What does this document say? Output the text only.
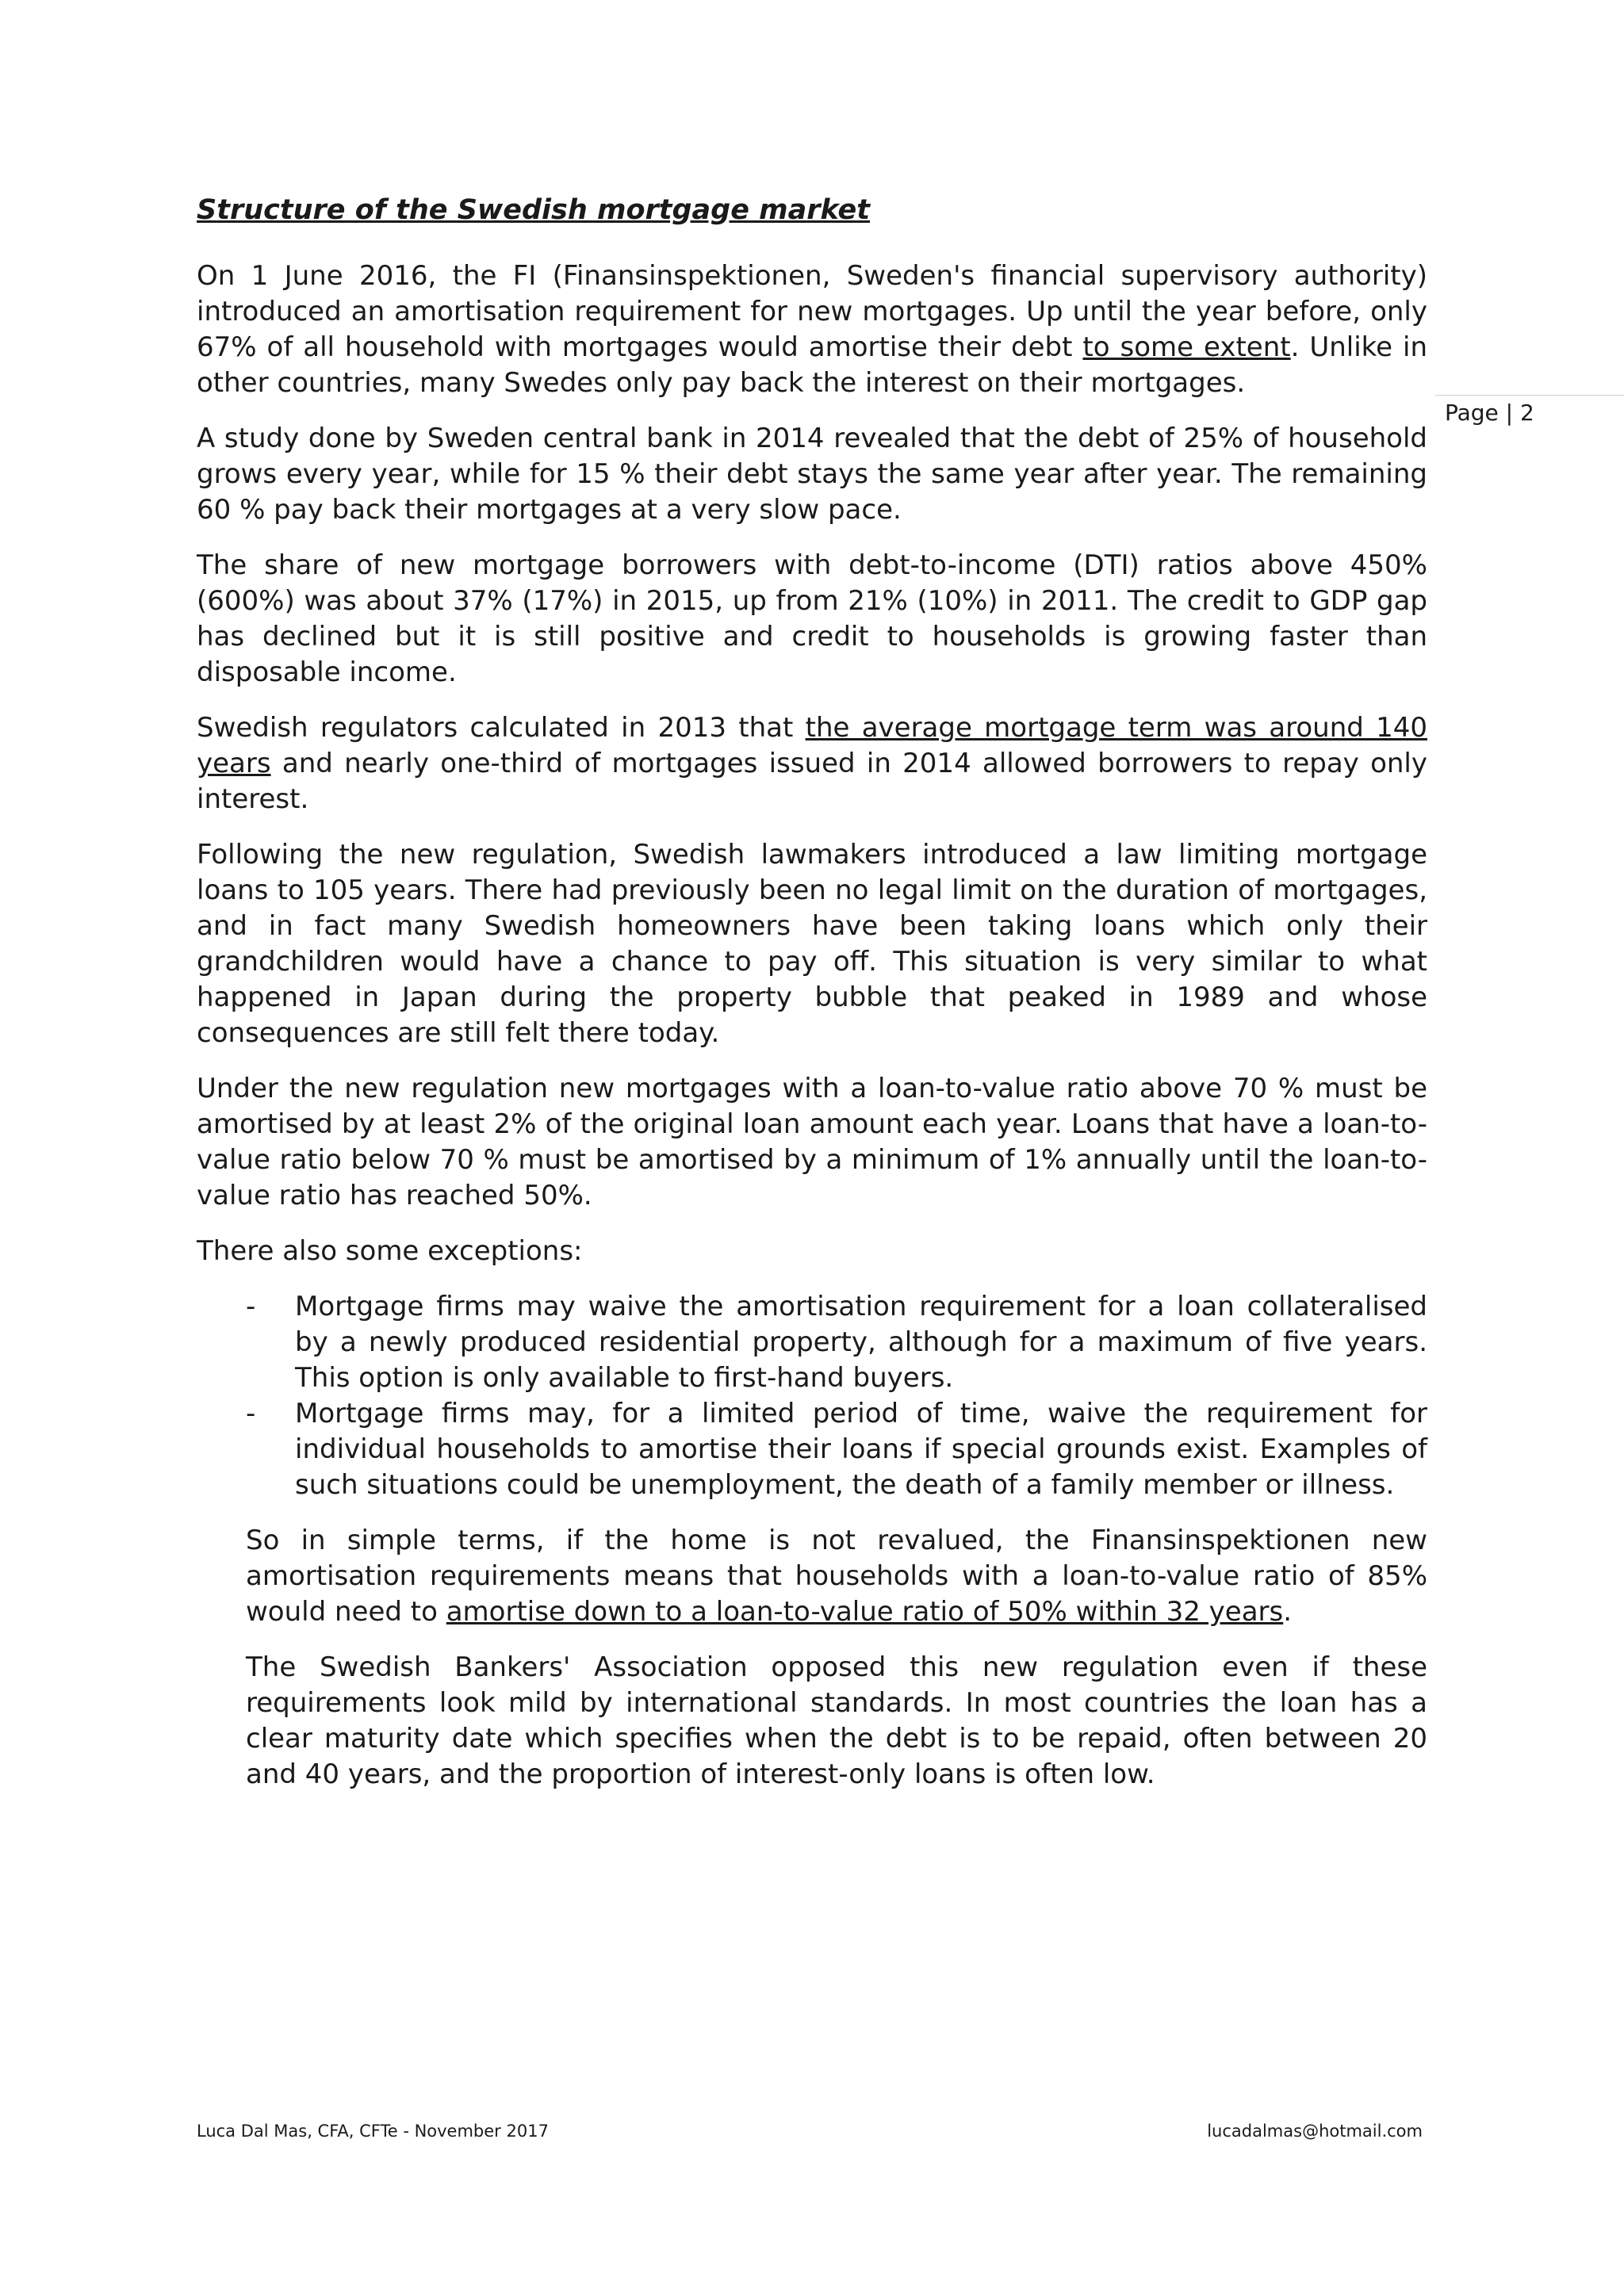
Page | 2
Structure of the Swedish mortgage market

On 1 June 2016, the FI (Finansinspektionen, Sweden's financial supervisory authority) introduced an amortisation requirement for new mortgages. Up until the year before, only 67% of all household with mortgages would amortise their debt to some extent. Unlike in other countries, many Swedes only pay back the interest on their mortgages.

A study done by Sweden central bank in 2014 revealed that the debt of 25% of household grows every year, while for 15 % their debt stays the same year after year. The remaining 60 % pay back their mortgages at a very slow pace.

The share of new mortgage borrowers with debt-to-income (DTI) ratios above 450% (600%) was about 37% (17%) in 2015, up from 21% (10%) in 2011. The credit to GDP gap has declined but it is still positive and credit to households is growing faster than disposable income.

Swedish regulators calculated in 2013 that the average mortgage term was around 140 years and nearly one-third of mortgages issued in 2014 allowed borrowers to repay only interest.

Following the new regulation, Swedish lawmakers introduced a law limiting mortgage loans to 105 years. There had previously been no legal limit on the duration of mortgages, and in fact many Swedish homeowners have been taking loans which only their grandchildren would have a chance to pay off. This situation is very similar to what happened in Japan during the property bubble that peaked in 1989 and whose consequences are still felt there today.

Under the new regulation new mortgages with a loan-to-value ratio above 70 % must be amortised by at least 2% of the original loan amount each year. Loans that have a loan-to-value ratio below 70 % must be amortised by a minimum of 1% annually until the loan-to-value ratio has reached 50%.

There also some exceptions:

- Mortgage firms may waive the amortisation requirement for a loan collateralised by a newly produced residential property, although for a maximum of five years. This option is only available to first-hand buyers.
- Mortgage firms may, for a limited period of time, waive the requirement for individual households to amortise their loans if special grounds exist. Examples of such situations could be unemployment, the death of a family member or illness.

So in simple terms, if the home is not revalued, the Finansinspektionen new amortisation requirements means that households with a loan-to-value ratio of 85% would need to amortise down to a loan-to-value ratio of 50% within 32 years.

The Swedish Bankers' Association opposed this new regulation even if these requirements look mild by international standards. In most countries the loan has a clear maturity date which specifies when the debt is to be repaid, often between 20 and 40 years, and the proportion of interest-only loans is often low.

Luca Dal Mas, CFA, CFTe - November 2017	lucadalmas@hotmail.com
